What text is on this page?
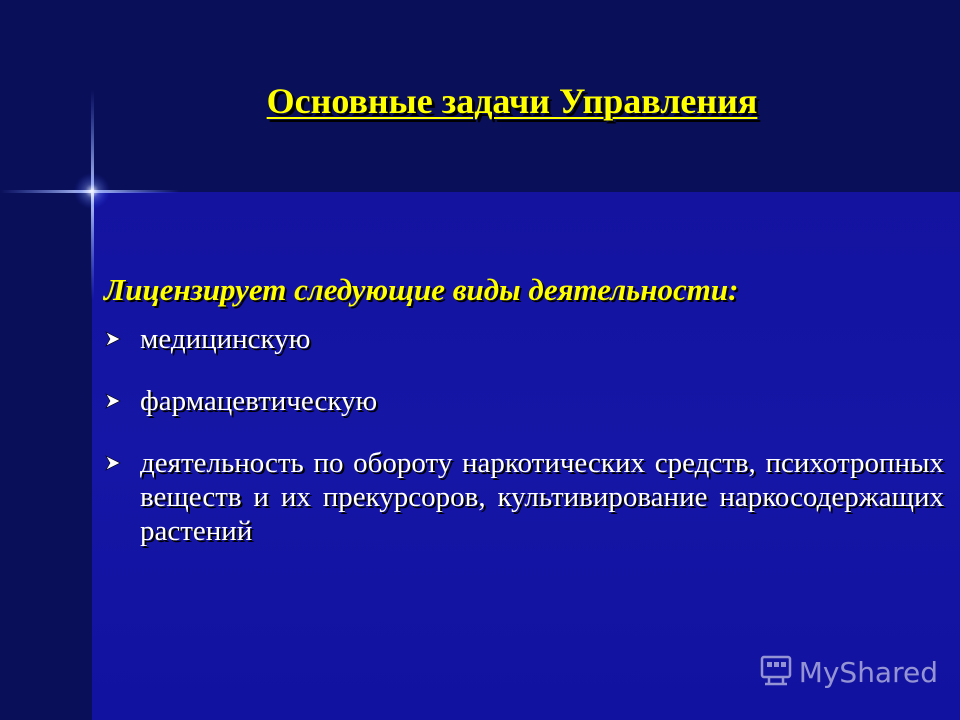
Основные задачи Управления
Лицензирует следующие виды деятельности:
медицинскую
фармацевтическую
деятельность по обороту наркотических средств, психотропных веществ и их прекурсоров, культивирование наркосодержащих растений
MyShared
